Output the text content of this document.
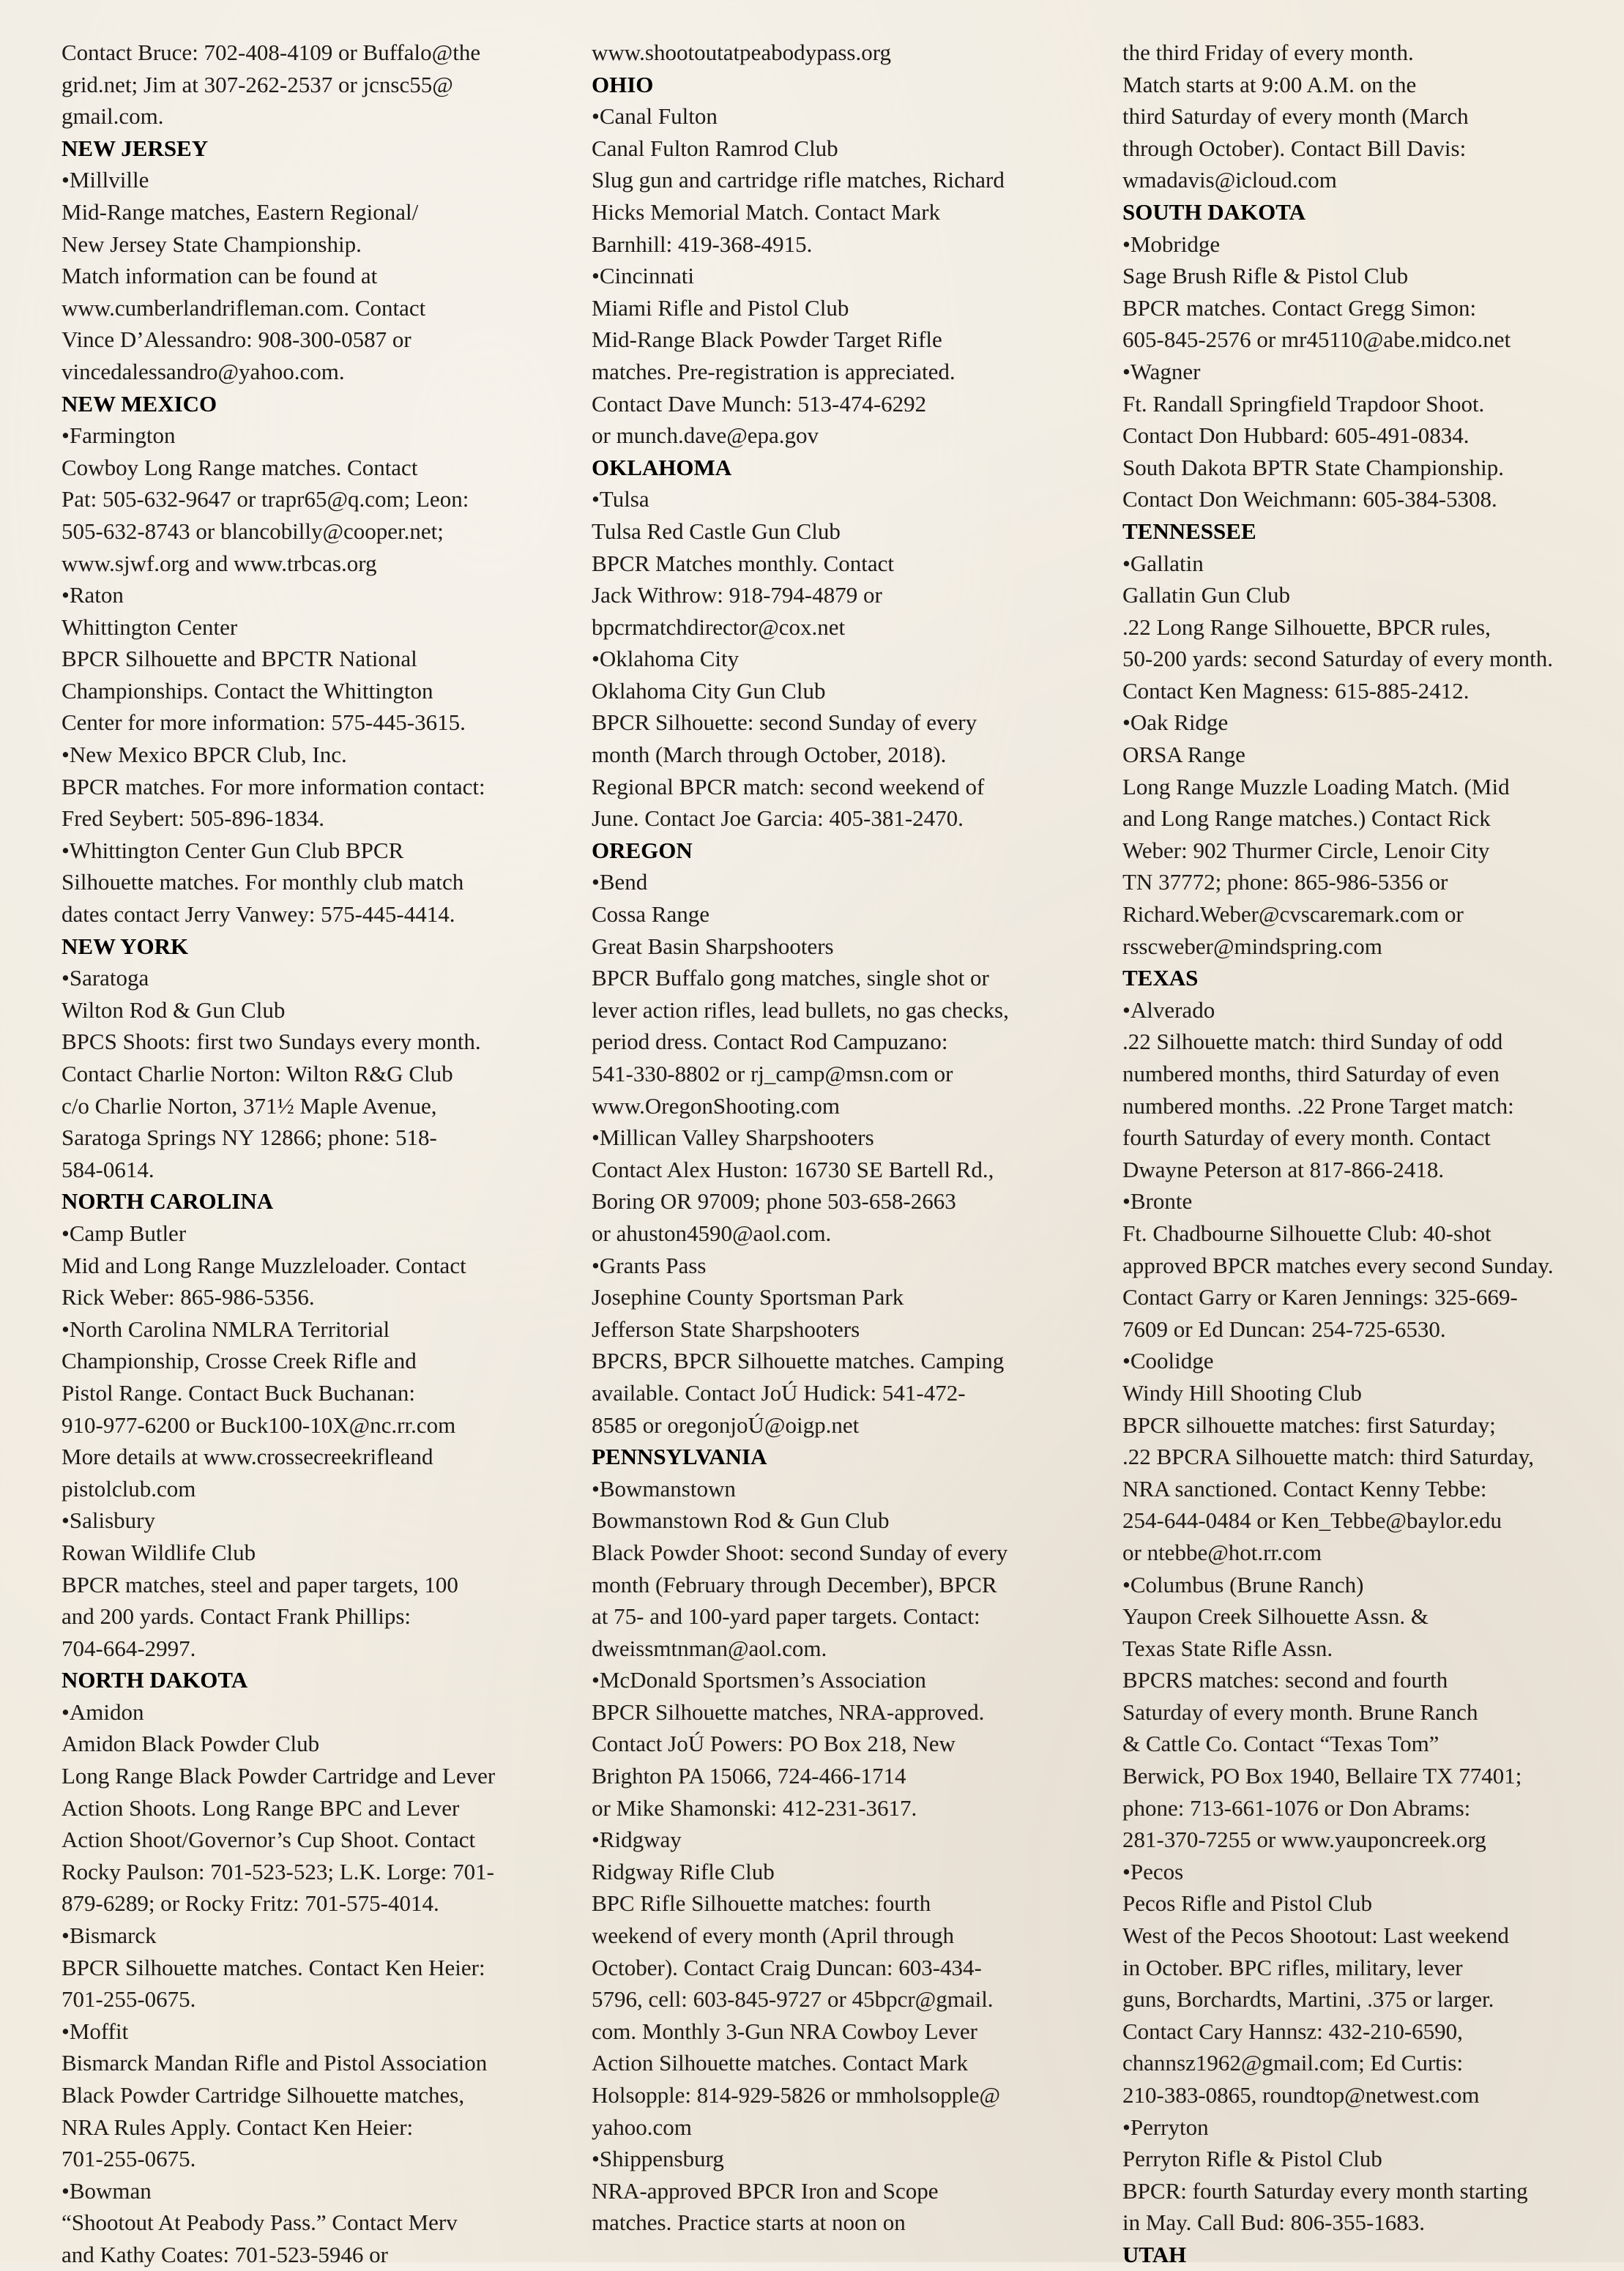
Contact Bruce: 702-408-4109 or Buffalo@the
grid.net; Jim at 307-262-2537 or jcnsc55@
gmail.com.
NEW JERSEY
•Millville
Mid-Range matches, Eastern Regional/
New Jersey State Championship.
Match information can be found at
www.cumberlandrifleman.com. Contact
Vince D’Alessandro: 908-300-0587 or
vincedalessandro@yahoo.com.
NEW MEXICO
•Farmington
Cowboy Long Range matches. Contact
Pat: 505-632-9647 or trapr65@q.com; Leon:
505-632-8743 or blancobilly@cooper.net;
www.sjwf.org and www.trbcas.org
•Raton
Whittington Center
BPCR Silhouette and BPCTR National
Championships. Contact the Whittington
Center for more information: 575-445-3615.
•New Mexico BPCR Club, Inc.
BPCR matches. For more information contact:
Fred Seybert: 505-896-1834.
•Whittington Center Gun Club BPCR
Silhouette matches. For monthly club match
dates contact Jerry Vanwey: 575-445-4414.
NEW YORK
•Saratoga
Wilton Rod & Gun Club
BPCS Shoots: first two Sundays every month.
Contact Charlie Norton: Wilton R&G Club
c/o Charlie Norton, 371½ Maple Avenue,
Saratoga Springs NY 12866; phone: 518-
584-0614.
NORTH CAROLINA
•Camp Butler
Mid and Long Range Muzzleloader. Contact
Rick Weber: 865-986-5356.
•North Carolina NMLRA Territorial
Championship, Crosse Creek Rifle and
Pistol Range. Contact Buck Buchanan:
910-977-6200 or Buck100-10X@nc.rr.com
More details at www.crossecreekrifleand
pistolclub.com
•Salisbury
Rowan Wildlife Club
BPCR matches, steel and paper targets, 100
and 200 yards. Contact Frank Phillips:
704-664-2997.
NORTH DAKOTA
•Amidon
Amidon Black Powder Club
Long Range Black Powder Cartridge and Lever
Action Shoots. Long Range BPC and Lever
Action Shoot/Governor’s Cup Shoot. Contact
Rocky Paulson: 701-523-523; L.K. Lorge: 701-
879-6289; or Rocky Fritz: 701-575-4014.
•Bismarck
BPCR Silhouette matches. Contact Ken Heier:
701-255-0675.
•Moffit
Bismarck Mandan Rifle and Pistol Association
Black Powder Cartridge Silhouette matches,
NRA Rules Apply. Contact Ken Heier:
701-255-0675.
•Bowman
“Shootout At Peabody Pass.” Contact Merv
and Kathy Coates: 701-523-5946 or
www.shootoutatpeabodypass.org
OHIO
•Canal Fulton
Canal Fulton Ramrod Club
Slug gun and cartridge rifle matches, Richard
Hicks Memorial Match. Contact Mark
Barnhill: 419-368-4915.
•Cincinnati
Miami Rifle and Pistol Club
Mid-Range Black Powder Target Rifle
matches. Pre-registration is appreciated.
Contact Dave Munch: 513-474-6292
or munch.dave@epa.gov
OKLAHOMA
•Tulsa
Tulsa Red Castle Gun Club
BPCR Matches monthly. Contact
Jack Withrow: 918-794-4879 or
bpcrmatchdirector@cox.net
•Oklahoma City
Oklahoma City Gun Club
BPCR Silhouette: second Sunday of every
month (March through October, 2018).
Regional BPCR match: second weekend of
June. Contact Joe Garcia: 405-381-2470.
OREGON
•Bend
Cossa Range
Great Basin Sharpshooters
BPCR Buffalo gong matches, single shot or
lever action rifles, lead bullets, no gas checks,
period dress. Contact Rod Campuzano:
541-330-8802 or rj_camp@msn.com or
www.OregonShooting.com
•Millican Valley Sharpshooters
Contact Alex Huston: 16730 SE Bartell Rd.,
Boring OR 97009; phone 503-658-2663
or ahuston4590@aol.com.
•Grants Pass
Josephine County Sportsman Park
Jefferson State Sharpshooters
BPCRS, BPCR Silhouette matches. Camping
available. Contact JoÚ Hudick: 541-472-
8585 or oregonjoÚ@oigp.net
PENNSYLVANIA
•Bowmanstown
Bowmanstown Rod & Gun Club
Black Powder Shoot: second Sunday of every
month (February through December), BPCR
at 75- and 100-yard paper targets. Contact:
dweissmtnman@aol.com.
•McDonald Sportsmen’s Association
BPCR Silhouette matches, NRA-approved.
Contact JoÚ Powers: PO Box 218, New
Brighton PA 15066, 724-466-1714
or Mike Shamonski: 412-231-3617.
•Ridgway
Ridgway Rifle Club
BPC Rifle Silhouette matches: fourth
weekend of every month (April through
October). Contact Craig Duncan: 603-434-
5796, cell: 603-845-9727 or 45bpcr@gmail.
com. Monthly 3-Gun NRA Cowboy Lever
Action Silhouette matches. Contact Mark
Holsopple: 814-929-5826 or mmholsopple@
yahoo.com
•Shippensburg
NRA-approved BPCR Iron and Scope
matches. Practice starts at noon on
the third Friday of every month.
Match starts at 9:00 A.M. on the
third Saturday of every month (March
through October). Contact Bill Davis:
wmadavis@icloud.com
SOUTH DAKOTA
•Mobridge
Sage Brush Rifle & Pistol Club
BPCR matches. Contact Gregg Simon:
605-845-2576 or mr45110@abe.midco.net
•Wagner
Ft. Randall Springfield Trapdoor Shoot.
Contact Don Hubbard: 605-491-0834.
South Dakota BPTR State Championship.
Contact Don Weichmann: 605-384-5308.
TENNESSEE
•Gallatin
Gallatin Gun Club
.22 Long Range Silhouette, BPCR rules,
50-200 yards: second Saturday of every month.
Contact Ken Magness: 615-885-2412.
•Oak Ridge
ORSA Range
Long Range Muzzle Loading Match. (Mid
and Long Range matches.) Contact Rick
Weber: 902 Thurmer Circle, Lenoir City
TN 37772; phone: 865-986-5356 or
Richard.Weber@cvscaremark.com or
rsscweber@mindspring.com
TEXAS
•Alverado
.22 Silhouette match: third Sunday of odd
numbered months, third Saturday of even
numbered months. .22 Prone Target match:
fourth Saturday of every month. Contact
Dwayne Peterson at 817-866-2418.
•Bronte
Ft. Chadbourne Silhouette Club: 40-shot
approved BPCR matches every second Sunday.
Contact Garry or Karen Jennings: 325-669-
7609 or Ed Duncan: 254-725-6530.
•Coolidge
Windy Hill Shooting Club
BPCR silhouette matches: first Saturday;
.22 BPCRA Silhouette match: third Saturday,
NRA sanctioned. Contact Kenny Tebbe:
254-644-0484 or Ken_Tebbe@baylor.edu
or ntebbe@hot.rr.com
•Columbus (Brune Ranch)
Yaupon Creek Silhouette Assn. &
Texas State Rifle Assn.
BPCRS matches: second and fourth
Saturday of every month. Brune Ranch
& Cattle Co. Contact “Texas Tom”
Berwick, PO Box 1940, Bellaire TX 77401;
phone: 713-661-1076 or Don Abrams:
281-370-7255 or www.yauponcreek.org
•Pecos
Pecos Rifle and Pistol Club
West of the Pecos Shootout: Last weekend
in October. BPC rifles, military, lever
guns, Borchardts, Martini, .375 or larger.
Contact Cary Hannsz: 432-210-6590,
channsz1962@gmail.com; Ed Curtis:
210-383-0865, roundtop@netwest.com
•Perryton
Perryton Rifle & Pistol Club
BPCR: fourth Saturday every month starting
in May. Call Bud: 806-355-1683.
UTAH
